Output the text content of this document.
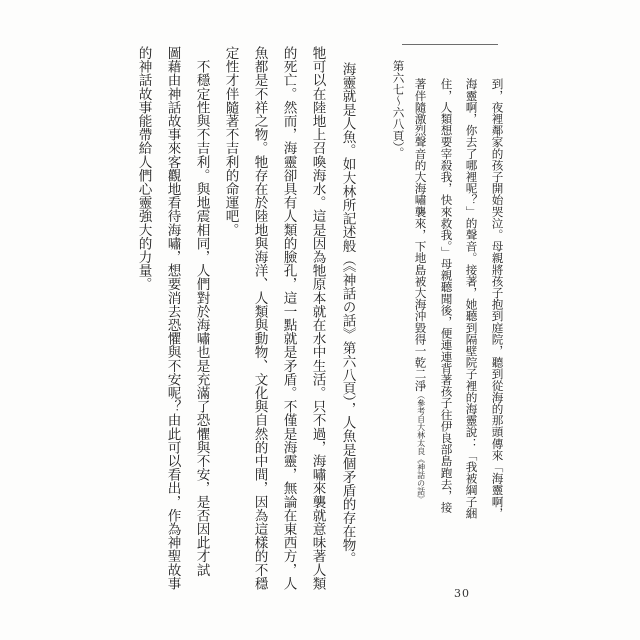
到，夜裡鄰家的孩子開始哭泣。母親將孩子抱到庭院，聽到從海的那頭傳來「海靈啊，
海靈啊，你去了哪裡呢？」的聲音。接著，她聽到隔壁院子裡的海靈說：「我被綱子綑
住，人類想要宰殺我，快來救我。」母親聽聞後，便連連背著孩子往伊良部島跑去，接
著伴隨激烈聲音的大海嘯襲來，下地島被大海沖毀得一乾二淨（參考自大林太良《神話の話》
第六七～六八頁）。
海靈就是人魚。如大林所記述般（《神話の話》第六八頁），人魚是個矛盾的存在物。
牠可以在陸地上召喚海水。這是因為牠原本就在水中生活。只不過，海嘯來襲就意味著人類
的死亡。然而，海靈卻具有人類的臉孔，這一點就是矛盾。不僅是海靈，無論在東西方，人
魚都是不祥之物。牠存在於陸地與海洋、人類與動物、文化與自然的中間，因為這樣的不穩
定性才伴隨著不吉利的命運吧。
　不穩定性與不吉利。與地震相同，人們對於海嘯也是充滿了恐懼與不安，是否因此才試
圖藉由神話故事來客觀地看待海嘯，想要消去恐懼與不安呢？由此可以看出，作為神聖故事
的神話故事能帶給人們心靈強大的力量。
30
